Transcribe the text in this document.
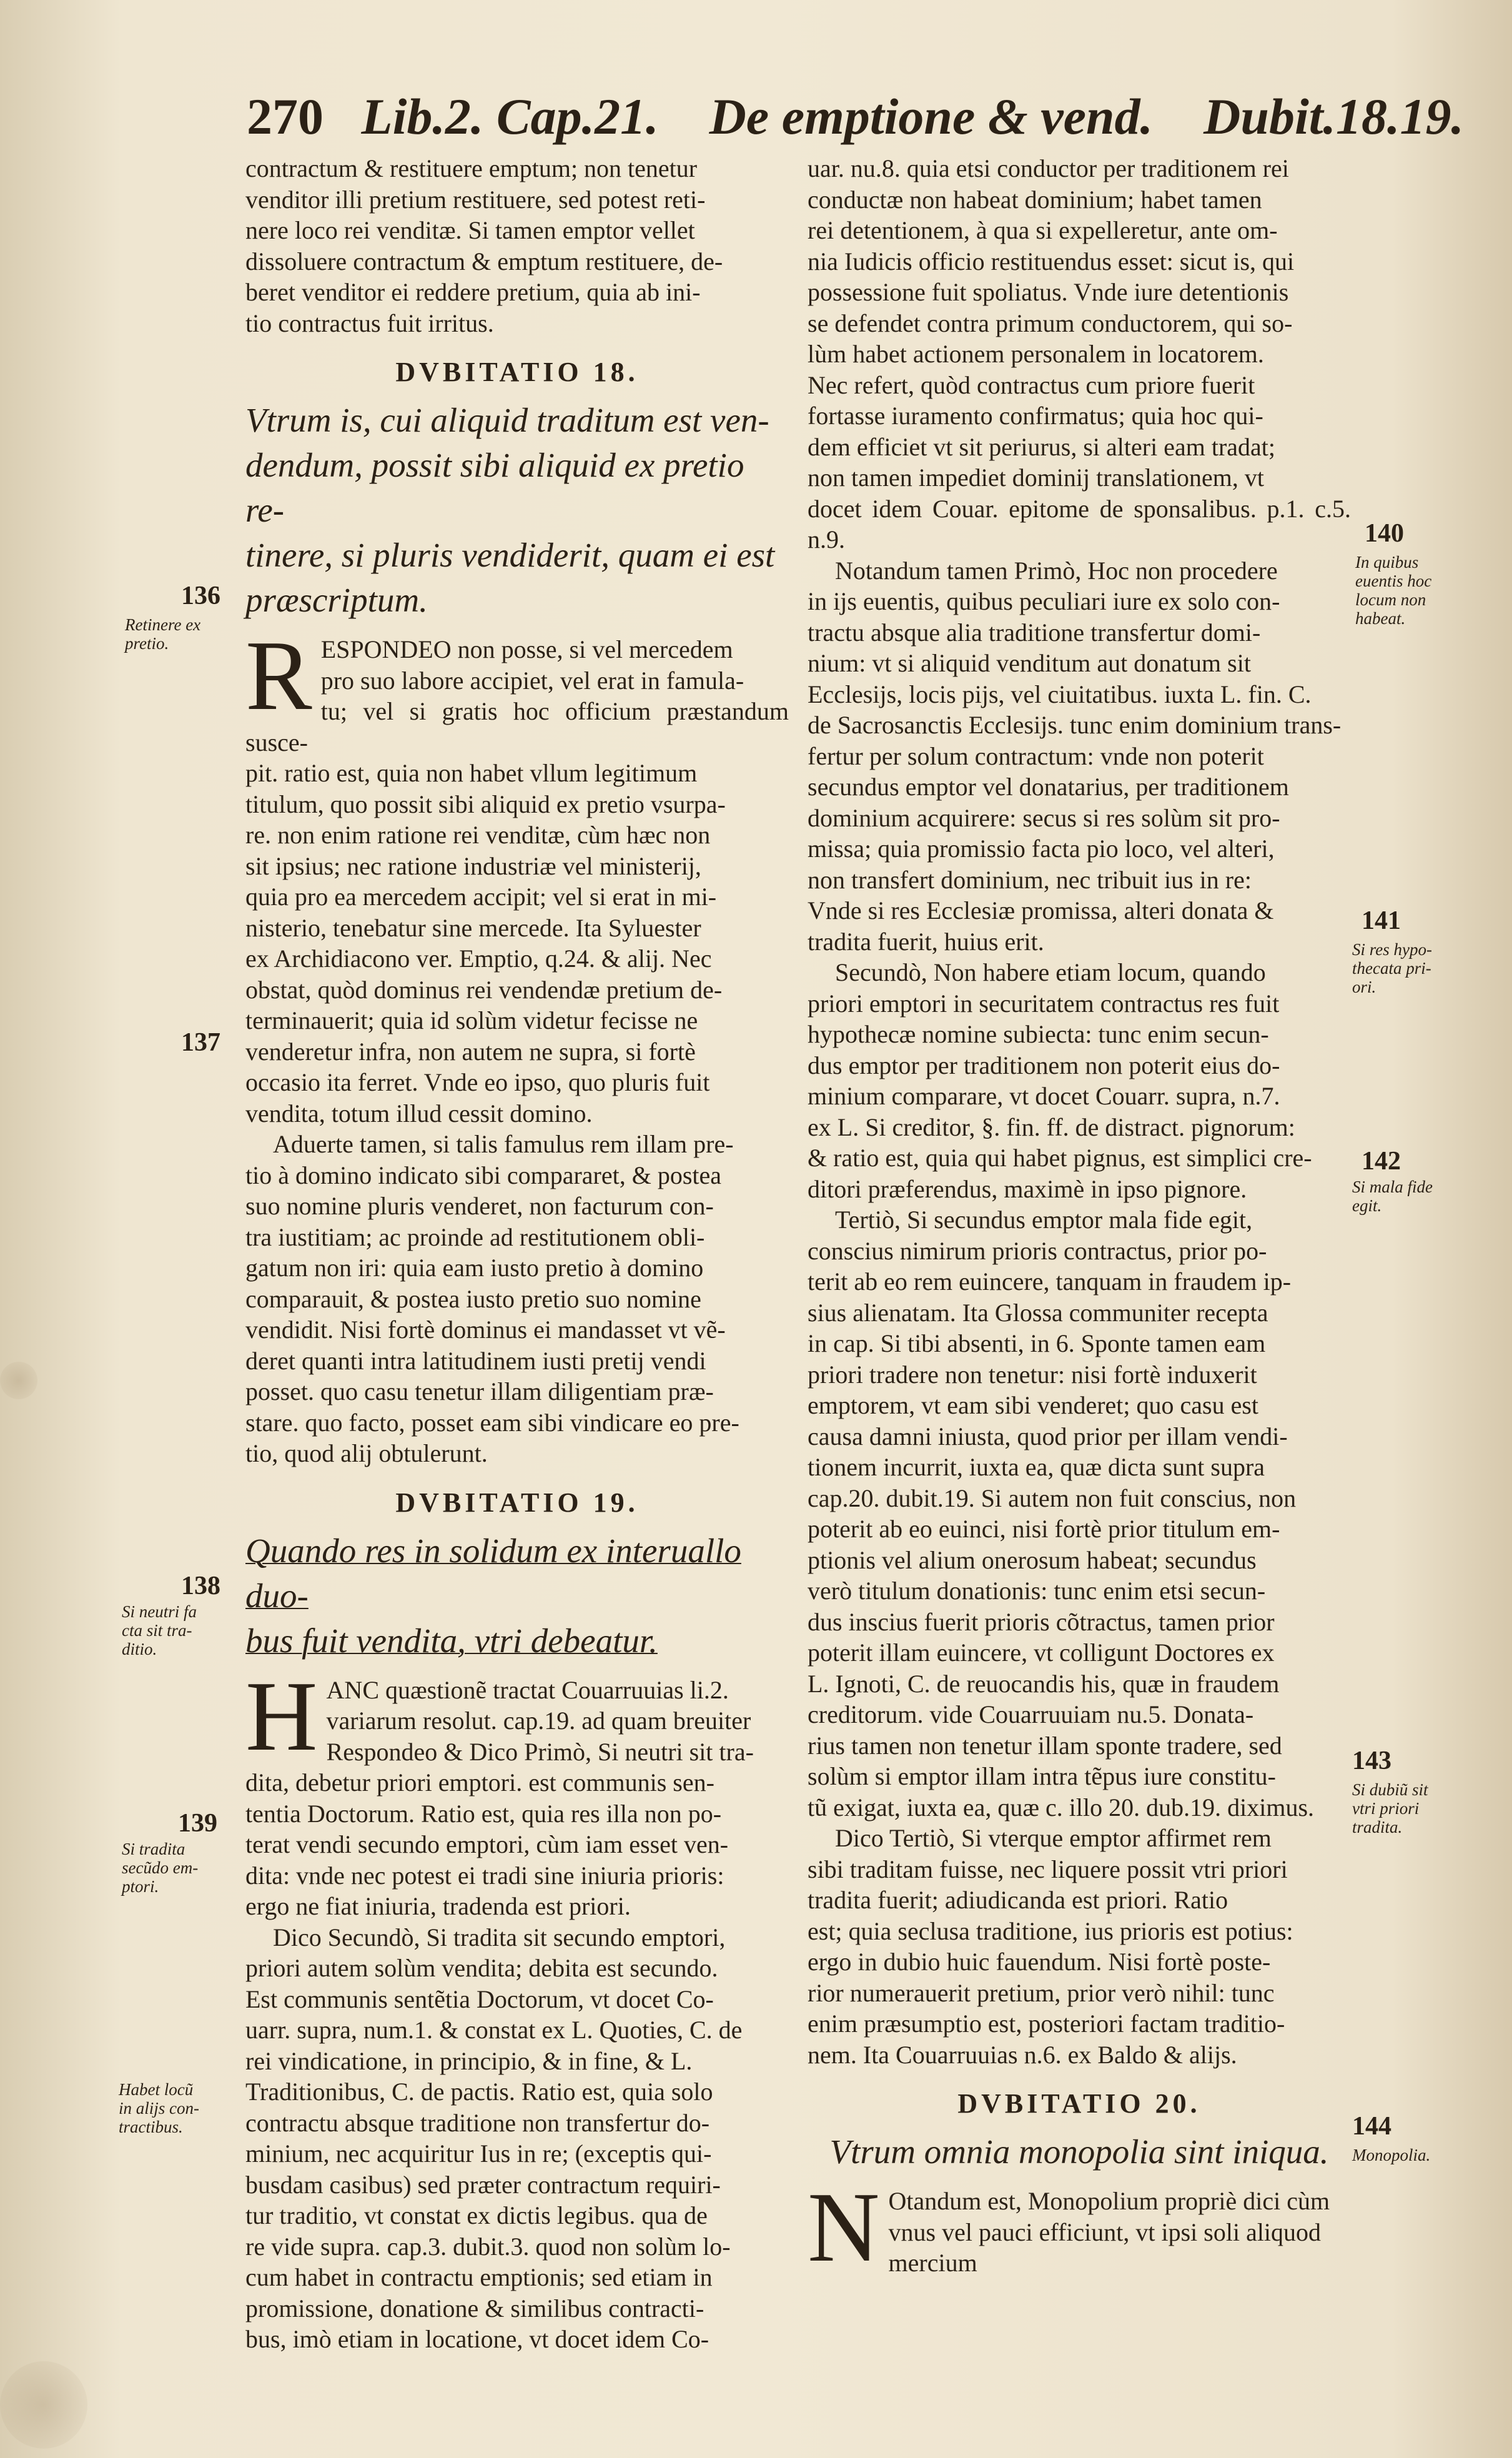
270 Lib.2. Cap.21. De emptione & vend. Dubit.18.19.

contractum & restituere emptum; non tenetur
venditor illi pretium restituere, sed potest reti-
nere loco rei venditæ. Si tamen emptor vellet
dissoluere contractum & emptum restituere, de-
beret venditor ei reddere pretium, quia ab ini-
tio contractus fuit irritus.

DVBITATIO 18.

Vtrum is, cui aliquid traditum est ven-
dendum, possit sibi aliquid ex pretio re-
tinere, si pluris vendiderit, quam ei est
præscriptum.

R ESPONDEO non posse, si vel mercedem
pro suo labore accipiet, vel erat in famula-
tu; vel si gratis hoc officium præstandum susce-
pit. ratio est, quia non habet vllum legitimum
titulum, quo possit sibi aliquid ex pretio vsurpa-
re. non enim ratione rei venditæ, cùm hæc non
sit ipsius; nec ratione industriæ vel ministerij,
quia pro ea mercedem accipit; vel si erat in mi-
nisterio, tenebatur sine mercede. Ita Syluester
ex Archidiacono ver. Emptio, q.24. & alij. Nec
obstat, quòd dominus rei vendendæ pretium de-
terminauerit; quia id solùm videtur fecisse ne
venderetur infra, non autem ne supra, si fortè
occasio ita ferret. Vnde eo ipso, quo pluris fuit
vendita, totum illud cessit domino.

Aduerte tamen, si talis famulus rem illam pre-
tio à domino indicato sibi compararet, & postea
suo nomine pluris venderet, non facturum con-
tra iustitiam; ac proinde ad restitutionem obli-
gatum non iri: quia eam iusto pretio à domino
comparauit, & postea iusto pretio suo nomine
vendidit. Nisi fortè dominus ei mandasset vt vẽ-
deret quanti intra latitudinem iusti pretij vendi
posset. quo casu tenetur illam diligentiam præ-
stare. quo facto, posset eam sibi vindicare eo pre-
tio, quod alij obtulerunt.

DVBITATIO 19.

Quando res in solidum ex interuallo duo-
bus fuit vendita, vtri debeatur.

H ANC quæstionẽ tractat Couarruuias li.2.
variarum resolut. cap.19. ad quam breuiter
Respondeo & Dico Primò, Si neutri sit tra-
dita, debetur priori emptori. est communis sen-
tentia Doctorum. Ratio est, quia res illa non po-
terat vendi secundo emptori, cùm iam esset ven-
dita: vnde nec potest ei tradi sine iniuria prioris:
ergo ne fiat iniuria, tradenda est priori.

Dico Secundò, Si tradita sit secundo emptori,
priori autem solùm vendita; debita est secundo.
Est communis sentẽtia Doctorum, vt docet Co-
uarr. supra, num.1. & constat ex L. Quoties, C. de
rei vindicatione, in principio, & in fine, & L.
Traditionibus, C. de pactis. Ratio est, quia solo
contractu absque traditione non transfertur do-
minium, nec acquiritur Ius in re; (exceptis qui-
busdam casibus) sed præter contractum requiri-
tur traditio, vt constat ex dictis legibus. qua de
re vide supra. cap.3. dubit.3. quod non solùm lo-
cum habet in contractu emptionis; sed etiam in
promissione, donatione & similibus contracti-
bus, imò etiam in locatione, vt docet idem Co-

uar. nu.8. quia etsi conductor per traditionem rei
conductæ non habeat dominium; habet tamen
rei detentionem, à qua si expelleretur, ante om-
nia Iudicis officio restituendus esset: sicut is, qui
possessione fuit spoliatus. Vnde iure detentionis
se defendet contra primum conductorem, qui so-
lùm habet actionem personalem in locatorem.
Nec refert, quòd contractus cum priore fuerit
fortasse iuramento confirmatus; quia hoc qui-
dem efficiet vt sit periurus, si alteri eam tradat;
non tamen impediet dominij translationem, vt
docet idem Couar. epitome de sponsalibus. p.1. c.5. n.9.

Notandum tamen Primò, Hoc non procedere
in ijs euentis, quibus peculiari iure ex solo con-
tractu absque alia traditione transfertur domi-
nium: vt si aliquid venditum aut donatum sit
Ecclesijs, locis pijs, vel ciuitatibus. iuxta L. fin. C.
de Sacrosanctis Ecclesijs. tunc enim dominium trans-
fertur per solum contractum: vnde non poterit
secundus emptor vel donatarius, per traditionem
dominium acquirere: secus si res solùm sit pro-
missa; quia promissio facta pio loco, vel alteri,
non transfert dominium, nec tribuit ius in re:
Vnde si res Ecclesiæ promissa, alteri donata &
tradita fuerit, huius erit.

Secundò, Non habere etiam locum, quando
priori emptori in securitatem contractus res fuit
hypothecæ nomine subiecta: tunc enim secun-
dus emptor per traditionem non poterit eius do-
minium comparare, vt docet Couarr. supra, n.7.
ex L. Si creditor, §. fin. ff. de distract. pignorum:
& ratio est, quia qui habet pignus, est simplici cre-
ditori præferendus, maximè in ipso pignore.

Tertiò, Si secundus emptor mala fide egit,
conscius nimirum prioris contractus, prior po-
terit ab eo rem euincere, tanquam in fraudem ip-
sius alienatam. Ita Glossa communiter recepta
in cap. Si tibi absenti, in 6. Sponte tamen eam
priori tradere non tenetur: nisi fortè induxerit
emptorem, vt eam sibi venderet; quo casu est
causa damni iniusta, quod prior per illam vendi-
tionem incurrit, iuxta ea, quæ dicta sunt supra
cap.20. dubit.19. Si autem non fuit conscius, non
poterit ab eo euinci, nisi fortè prior titulum em-
ptionis vel alium onerosum habeat; secundus
verò titulum donationis: tunc enim etsi secun-
dus inscius fuerit prioris cõtractus, tamen prior
poterit illam euincere, vt colligunt Doctores ex
L. Ignoti, C. de reuocandis his, quæ in fraudem
creditorum. vide Couarruuiam nu.5. Donata-
rius tamen non tenetur illam sponte tradere, sed
solùm si emptor illam intra tẽpus iure constitu-
tũ exigat, iuxta ea, quæ c. illo 20. dub.19. diximus.

Dico Tertiò, Si vterque emptor affirmet rem
sibi traditam fuisse, nec liquere possit vtri priori
tradita fuerit; adiudicanda est priori. Ratio
est; quia seclusa traditione, ius prioris est potius:
ergo in dubio huic fauendum. Nisi fortè poste-
rior numerauerit pretium, prior verò nihil: tunc
enim præsumptio est, posteriori factam traditio-
nem. Ita Couarruuias n.6. ex Baldo & alijs.

DVBITATIO 20.

Vtrum omnia monopolia sint iniqua.

N Otandum est, Monopolium propriè dici cùm
vnus vel pauci efficiunt, vt ipsi soli aliquod
mercium

136
Retinere ex
pretio.
137
138
Si neutri fa
cta sit tra-
ditio.
139
Si tradita
secũdo em-
ptori.
Habet locũ
in alijs con-
tractibus.
140
In quibus
euentis hoc
locum non
habeat.
141
Si res hypo-
thecata pri-
ori.
142
Si mala fide
egit.
143
Si dubiũ sit
vtri priori
tradita.
144
Monopolia.
